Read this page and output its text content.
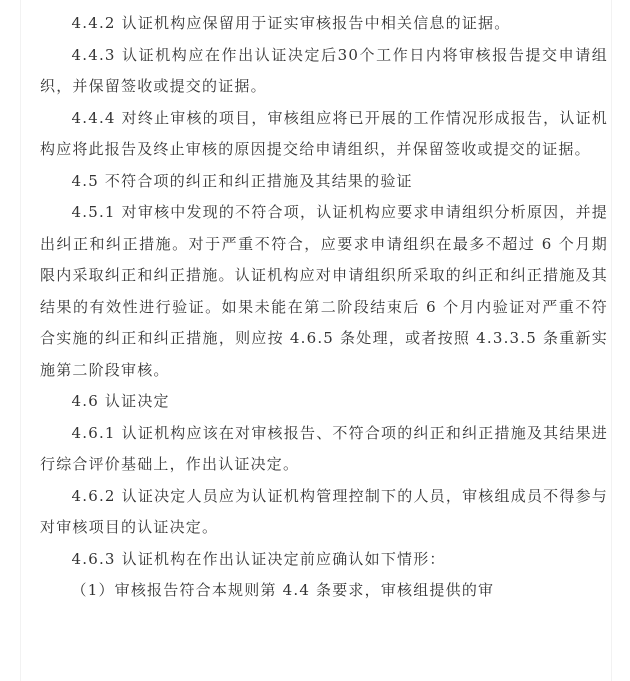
4.4.2 认证机构应保留用于证实审核报告中相关信息的证据。

4.4.3 认证机构应在作出认证决定后30个工作日内将审核报告提交申请组织，并保留签收或提交的证据。

4.4.4 对终止审核的项目，审核组应将已开展的工作情况形成报告，认证机构应将此报告及终止审核的原因提交给申请组织，并保留签收或提交的证据。

4.5 不符合项的纠正和纠正措施及其结果的验证

4.5.1 对审核中发现的不符合项，认证机构应要求申请组织分析原因，并提出纠正和纠正措施。对于严重不符合，应要求申请组织在最多不超过 6 个月期限内采取纠正和纠正措施。认证机构应对申请组织所采取的纠正和纠正措施及其结果的有效性进行验证。如果未能在第二阶段结束后 6 个月内验证对严重不符合实施的纠正和纠正措施，则应按 4.6.5 条处理，或者按照 4.3.3.5 条重新实施第二阶段审核。

4.6 认证决定

4.6.1 认证机构应该在对审核报告、不符合项的纠正和纠正措施及其结果进行综合评价基础上，作出认证决定。

4.6.2 认证决定人员应为认证机构管理控制下的人员，审核组成员不得参与对审核项目的认证决定。

4.6.3 认证机构在作出认证决定前应确认如下情形：

（1）审核报告符合本规则第 4.4 条要求，审核组提供的审
